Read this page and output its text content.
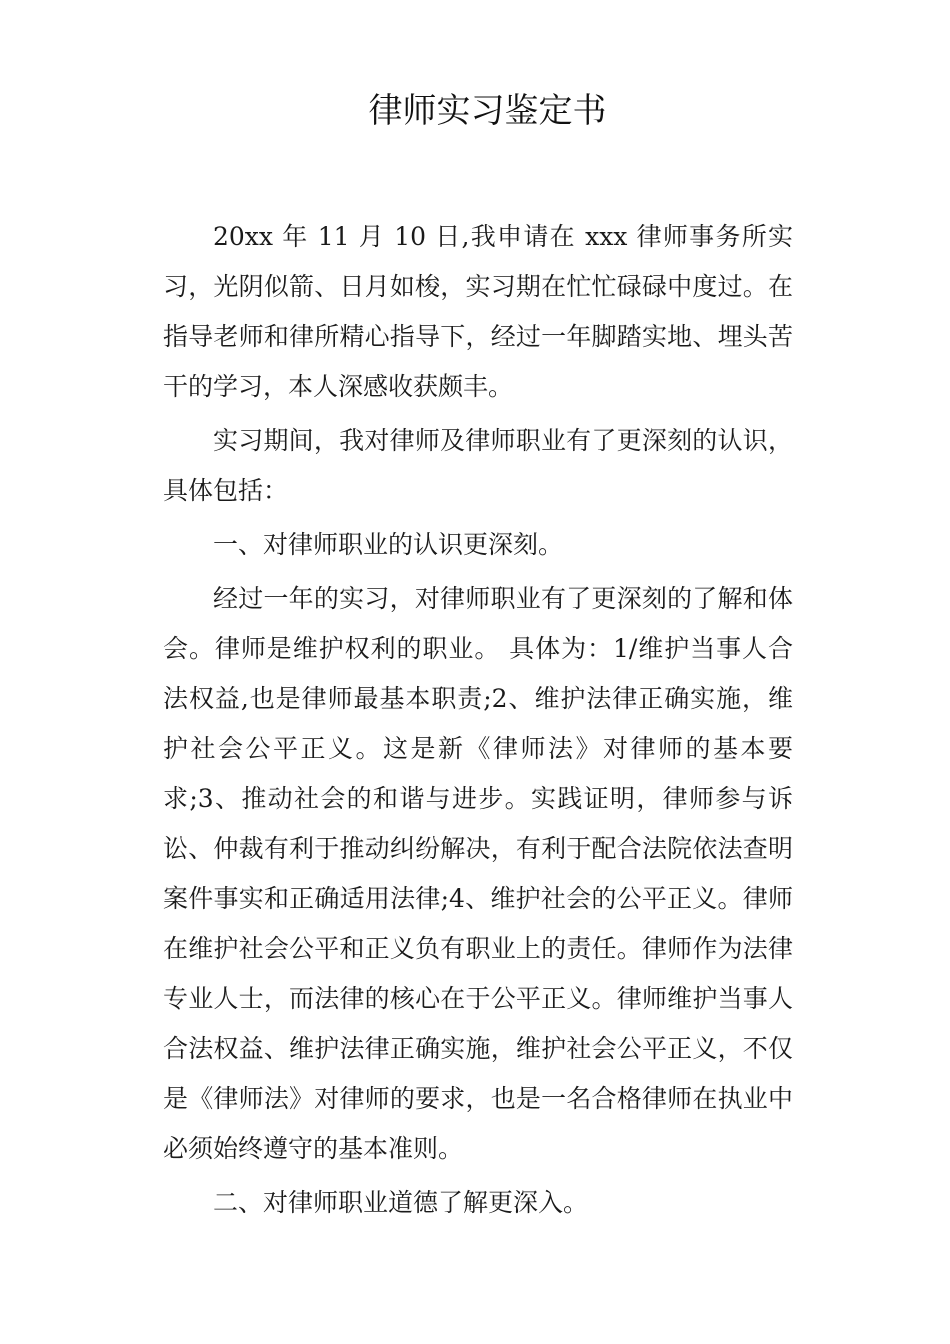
律师实习鉴定书

20xx 年 11 月 10 日,我申请在 xxx 律师事务所实习，光阴似箭、日月如梭，实习期在忙忙碌碌中度过。在指导老师和律所精心指导下，经过一年脚踏实地、埋头苦干的学习，本人深感收获颇丰。

实习期间，我对律师及律师职业有了更深刻的认识，具体包括：

一、对律师职业的认识更深刻。

经过一年的实习，对律师职业有了更深刻的了解和体会。律师是维护权利的职业。 具体为：1/维护当事人合法权益,也是律师最基本职责;2、维护法律正确实施，维护社会公平正义。这是新《律师法》对律师的基本要求;3、推动社会的和谐与进步。实践证明，律师参与诉讼、仲裁有利于推动纠纷解决，有利于配合法院依法查明案件事实和正确适用法律;4、维护社会的公平正义。律师在维护社会公平和正义负有职业上的责任。律师作为法律专业人士，而法律的核心在于公平正义。律师维护当事人合法权益、维护法律正确实施，维护社会公平正义，不仅是《律师法》对律师的要求，也是一名合格律师在执业中必须始终遵守的基本准则。

二、对律师职业道德了解更深入。
